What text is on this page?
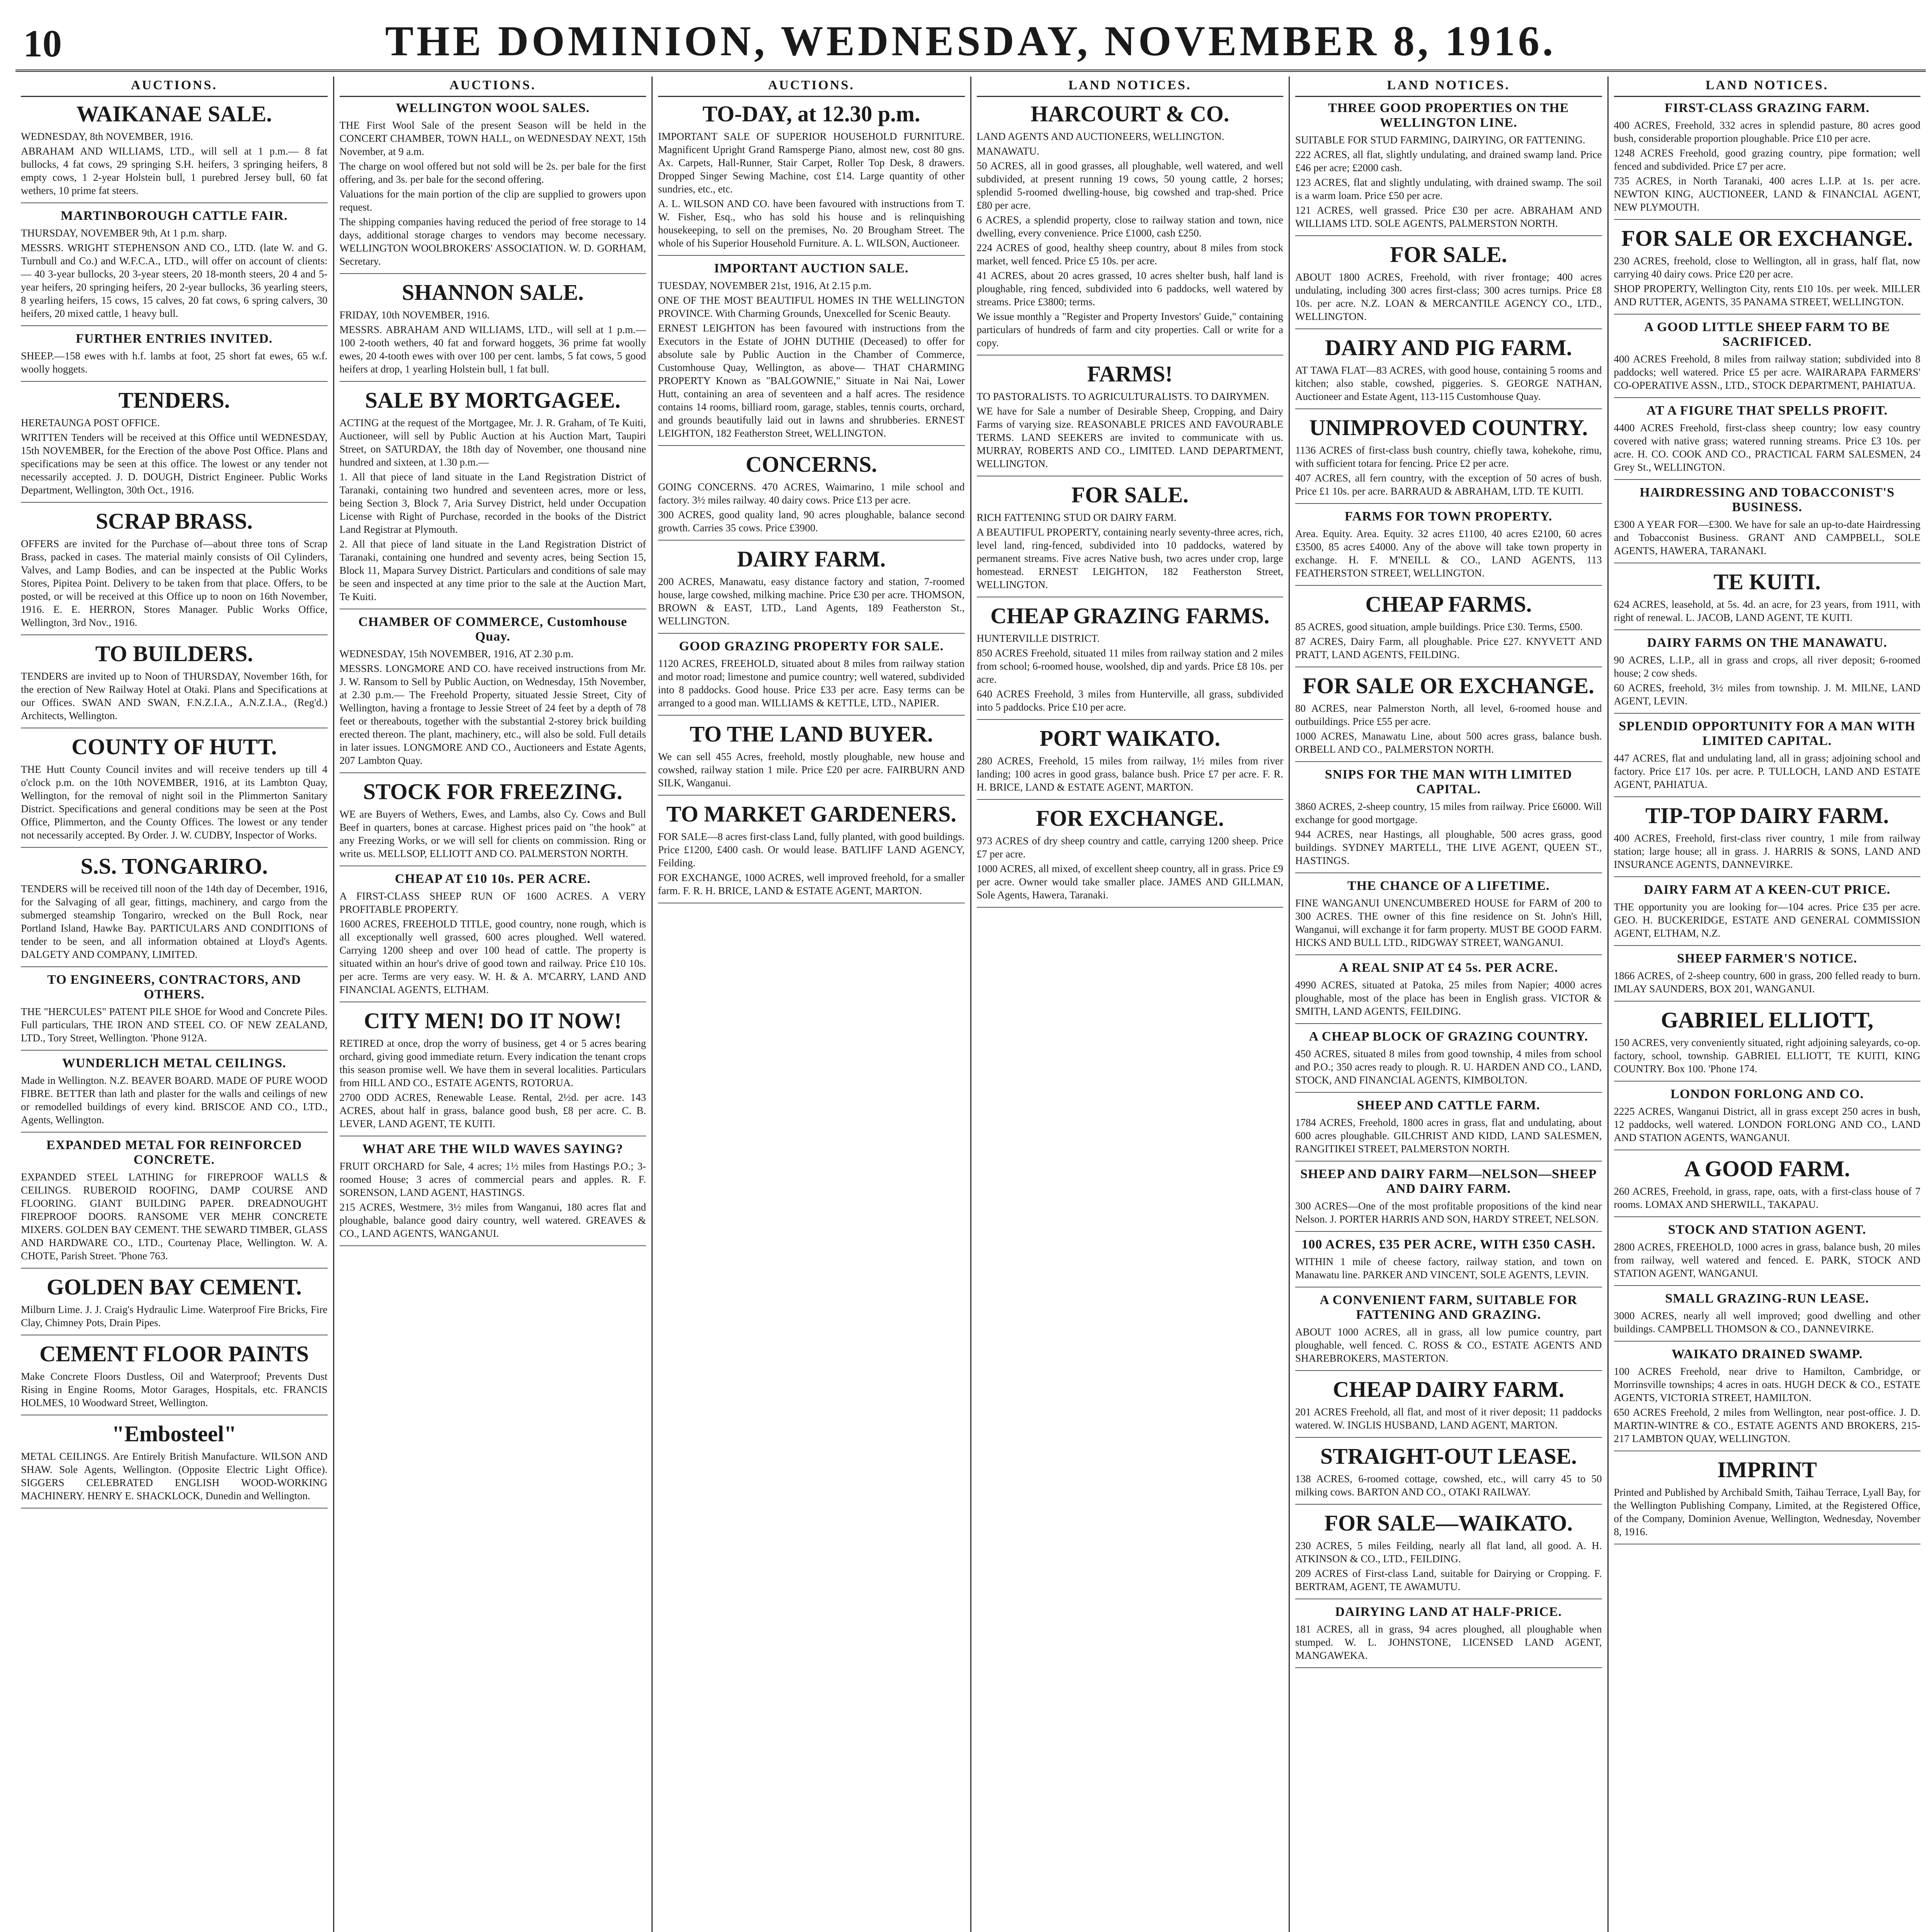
10	THE DOMINION, WEDNESDAY, NOVEMBER 8, 1916.
AUCTIONS.
WAIKANAE SALE.

WEDNESDAY, 8th NOVEMBER, 1916.

ABRAHAM AND WILLIAMS, LTD., will sell at 1 p.m.— 8 fat bullocks, 4 fat cows, 29 springing S.H. heifers, 3 springing heifers, 8 empty cows, 1 2-year Holstein bull, 1 purebred Jersey bull, 60 fat wethers, 10 prime fat steers.

MARTINBOROUGH CATTLE FAIR.

THURSDAY, NOVEMBER 9th, At 1 p.m. sharp.

MESSRS. WRIGHT STEPHENSON AND CO., LTD. (late W. and G. Turnbull and Co.) and W.F.C.A., LTD., will offer on account of clients:— 40 3-year bullocks, 20 3-year steers, 20 18-month steers, 20 4 and 5-year heifers, 20 springing heifers, 20 2-year bullocks, 36 yearling steers, 8 yearling heifers, 15 cows, 15 calves, 20 fat cows, 6 spring calvers, 30 heifers, 20 mixed cattle, 1 heavy bull.

FURTHER ENTRIES INVITED.

SHEEP.—158 ewes with h.f. lambs at foot, 25 short fat ewes, 65 w.f. woolly hoggets.

TENDERS.

HERETAUNGA POST OFFICE.

WRITTEN Tenders will be received at this Office until WEDNESDAY, 15th NOVEMBER, for the Erection of the above Post Office. Plans and specifications may be seen at this office. The lowest or any tender not necessarily accepted. J. D. DOUGH, District Engineer. Public Works Department, Wellington, 30th Oct., 1916.

SCRAP BRASS.

OFFERS are invited for the Purchase of—about three tons of Scrap Brass, packed in cases. The material mainly consists of Oil Cylinders, Valves, and Lamp Bodies, and can be inspected at the Public Works Stores, Pipitea Point. Delivery to be taken from that place. Offers, to be posted, or will be received at this Office up to noon on 16th November, 1916. E. E. HERRON, Stores Manager. Public Works Office, Wellington, 3rd Nov., 1916.

TO BUILDERS.

TENDERS are invited up to Noon of THURSDAY, November 16th, for the erection of New Railway Hotel at Otaki. Plans and Specifications at our Offices. SWAN AND SWAN, F.N.Z.I.A., A.N.Z.I.A., (Reg'd.) Architects, Wellington.

COUNTY OF HUTT.

THE Hutt County Council invites and will receive tenders up till 4 o'clock p.m. on the 10th NOVEMBER, 1916, at its Lambton Quay, Wellington, for the removal of night soil in the Plimmerton Sanitary District. Specifications and general conditions may be seen at the Post Office, Plimmerton, and the County Offices. The lowest or any tender not necessarily accepted. By Order. J. W. CUDBY, Inspector of Works.

S.S. TONGARIRO.

TENDERS will be received till noon of the 14th day of December, 1916, for the Salvaging of all gear, fittings, machinery, and cargo from the submerged steamship Tongariro, wrecked on the Bull Rock, near Portland Island, Hawke Bay. PARTICULARS AND CONDITIONS of tender to be seen, and all information obtained at Lloyd's Agents. DALGETY AND COMPANY, LIMITED.

TO ENGINEERS, CONTRACTORS, AND OTHERS.

THE "HERCULES" PATENT PILE SHOE for Wood and Concrete Piles. Full particulars, THE IRON AND STEEL CO. OF NEW ZEALAND, LTD., Tory Street, Wellington. 'Phone 912A.

WUNDERLICH METAL CEILINGS.

Made in Wellington. N.Z. BEAVER BOARD. MADE OF PURE WOOD FIBRE. BETTER than lath and plaster for the walls and ceilings of new or remodelled buildings of every kind. BRISCOE AND CO., LTD., Agents, Wellington.

EXPANDED METAL FOR REINFORCED CONCRETE.

EXPANDED STEEL LATHING for FIREPROOF WALLS & CEILINGS. RUBEROID ROOFING, DAMP COURSE AND FLOORING. GIANT BUILDING PAPER. DREADNOUGHT FIREPROOF DOORS. RANSOME VER MEHR CONCRETE MIXERS. GOLDEN BAY CEMENT. THE SEWARD TIMBER, GLASS AND HARDWARE CO., LTD., Courtenay Place, Wellington. W. A. CHOTE, Parish Street. 'Phone 763.

GOLDEN BAY CEMENT.

Milburn Lime. J. J. Craig's Hydraulic Lime. Waterproof Fire Bricks, Fire Clay, Chimney Pots, Drain Pipes.

CEMENT FLOOR PAINTS

Make Concrete Floors Dustless, Oil and Waterproof; Prevents Dust Rising in Engine Rooms, Motor Garages, Hospitals, etc. FRANCIS HOLMES, 10 Woodward Street, Wellington.

"Embosteel"

METAL CEILINGS. Are Entirely British Manufacture. WILSON AND SHAW. Sole Agents, Wellington. (Opposite Electric Light Office). SIGGERS CELEBRATED ENGLISH WOOD-WORKING MACHINERY. HENRY E. SHACKLOCK, Dunedin and Wellington.

AUCTIONS.
WELLINGTON WOOL SALES.

THE First Wool Sale of the present Season will be held in the CONCERT CHAMBER, TOWN HALL, on WEDNESDAY NEXT, 15th November, at 9 a.m.

The charge on wool offered but not sold will be 2s. per bale for the first offering, and 3s. per bale for the second offering.

Valuations for the main portion of the clip are supplied to growers upon request.

The shipping companies having reduced the period of free storage to 14 days, additional storage charges to vendors may become necessary. WELLINGTON WOOLBROKERS' ASSOCIATION. W. D. GORHAM, Secretary.

SHANNON SALE.

FRIDAY, 10th NOVEMBER, 1916.

MESSRS. ABRAHAM AND WILLIAMS, LTD., will sell at 1 p.m.— 100 2-tooth wethers, 40 fat and forward hoggets, 36 prime fat woolly ewes, 20 4-tooth ewes with over 100 per cent. lambs, 5 fat cows, 5 good heifers at drop, 1 yearling Holstein bull, 1 fat bull.

SALE BY MORTGAGEE.

ACTING at the request of the Mortgagee, Mr. J. R. Graham, of Te Kuiti, Auctioneer, will sell by Public Auction at his Auction Mart, Taupiri Street, on SATURDAY, the 18th day of November, one thousand nine hundred and sixteen, at 1.30 p.m.—

1. All that piece of land situate in the Land Registration District of Taranaki, containing two hundred and seventeen acres, more or less, being Section 3, Block 7, Aria Survey District, held under Occupation License with Right of Purchase, recorded in the books of the District Land Registrar at Plymouth.

2. All that piece of land situate in the Land Registration District of Taranaki, containing one hundred and seventy acres, being Section 15, Block 11, Mapara Survey District. Particulars and conditions of sale may be seen and inspected at any time prior to the sale at the Auction Mart, Te Kuiti.

CHAMBER OF COMMERCE, Customhouse Quay.

WEDNESDAY, 15th NOVEMBER, 1916, AT 2.30 p.m.

MESSRS. LONGMORE AND CO. have received instructions from Mr. J. W. Ransom to Sell by Public Auction, on Wednesday, 15th November, at 2.30 p.m.— The Freehold Property, situated Jessie Street, City of Wellington, having a frontage to Jessie Street of 24 feet by a depth of 78 feet or thereabouts, together with the substantial 2-storey brick building erected thereon. The plant, machinery, etc., will also be sold. Full details in later issues. LONGMORE AND CO., Auctioneers and Estate Agents, 207 Lambton Quay.

STOCK FOR FREEZING.

WE are Buyers of Wethers, Ewes, and Lambs, also Cy. Cows and Bull Beef in quarters, bones at carcase. Highest prices paid on "the hook" at any Freezing Works, or we will sell for clients on commission. Ring or write us. MELLSOP, ELLIOTT AND CO. PALMERSTON NORTH.

CHEAP AT £10 10s. PER ACRE.

A FIRST-CLASS SHEEP RUN OF 1600 ACRES. A VERY PROFITABLE PROPERTY.

1600 ACRES, FREEHOLD TITLE, good country, none rough, which is all exceptionally well grassed, 600 acres ploughed. Well watered. Carrying 1200 sheep and over 100 head of cattle. The property is situated within an hour's drive of good town and railway. Price £10 10s. per acre. Terms are very easy. W. H. & A. M'CARRY, LAND AND FINANCIAL AGENTS, ELTHAM.

CITY MEN! DO IT NOW!

RETIRED at once, drop the worry of business, get 4 or 5 acres bearing orchard, giving good immediate return. Every indication the tenant crops this season promise well. We have them in several localities. Particulars from HILL AND CO., ESTATE AGENTS, ROTORUA.

2700 ODD ACRES, Renewable Lease. Rental, 2½d. per acre. 143 ACRES, about half in grass, balance good bush, £8 per acre. C. B. LEVER, LAND AGENT, TE KUITI.

WHAT ARE THE WILD WAVES SAYING?

FRUIT ORCHARD for Sale, 4 acres; 1½ miles from Hastings P.O.; 3-roomed House; 3 acres of commercial pears and apples. R. F. SORENSON, LAND AGENT, HASTINGS.

215 ACRES, Westmere, 3½ miles from Wanganui, 180 acres flat and ploughable, balance good dairy country, well watered. GREAVES & CO., LAND AGENTS, WANGANUI.

AUCTIONS.
TO-DAY, at 12.30 p.m.

IMPORTANT SALE OF SUPERIOR HOUSEHOLD FURNITURE. Magnificent Upright Grand Ramsperge Piano, almost new, cost 80 gns. Ax. Carpets, Hall-Runner, Stair Carpet, Roller Top Desk, 8 drawers. Dropped Singer Sewing Machine, cost £14. Large quantity of other sundries, etc., etc.

A. L. WILSON AND CO. have been favoured with instructions from T. W. Fisher, Esq., who has sold his house and is relinquishing housekeeping, to sell on the premises, No. 20 Brougham Street. The whole of his Superior Household Furniture. A. L. WILSON, Auctioneer.

IMPORTANT AUCTION SALE.

TUESDAY, NOVEMBER 21st, 1916, At 2.15 p.m.

ONE OF THE MOST BEAUTIFUL HOMES IN THE WELLINGTON PROVINCE. With Charming Grounds, Unexcelled for Scenic Beauty.

ERNEST LEIGHTON has been favoured with instructions from the Executors in the Estate of JOHN DUTHIE (Deceased) to offer for absolute sale by Public Auction in the Chamber of Commerce, Customhouse Quay, Wellington, as above— THAT CHARMING PROPERTY Known as "BALGOWNIE," Situate in Nai Nai, Lower Hutt, containing an area of seventeen and a half acres. The residence contains 14 rooms, billiard room, garage, stables, tennis courts, orchard, and grounds beautifully laid out in lawns and shrubberies. ERNEST LEIGHTON, 182 Featherston Street, WELLINGTON.

CONCERNS.

GOING CONCERNS. 470 ACRES, Waimarino, 1 mile school and factory. 3½ miles railway. 40 dairy cows. Price £13 per acre.

300 ACRES, good quality land, 90 acres ploughable, balance second growth. Carries 35 cows. Price £3900.

DAIRY FARM.

200 ACRES, Manawatu, easy distance factory and station, 7-roomed house, large cowshed, milking machine. Price £30 per acre. THOMSON, BROWN & EAST, LTD., Land Agents, 189 Featherston St., WELLINGTON.

GOOD GRAZING PROPERTY FOR SALE.

1120 ACRES, FREEHOLD, situated about 8 miles from railway station and motor road; limestone and pumice country; well watered, subdivided into 8 paddocks. Good house. Price £33 per acre. Easy terms can be arranged to a good man. WILLIAMS & KETTLE, LTD., NAPIER.

TO THE LAND BUYER.

We can sell 455 Acres, freehold, mostly ploughable, new house and cowshed, railway station 1 mile. Price £20 per acre. FAIRBURN AND SILK, Wanganui.

TO MARKET GARDENERS.

FOR SALE—8 acres first-class Land, fully planted, with good buildings. Price £1200, £400 cash. Or would lease. BATLIFF LAND AGENCY, Feilding.

FOR EXCHANGE, 1000 ACRES, well improved freehold, for a smaller farm. F. R. H. BRICE, LAND & ESTATE AGENT, MARTON.

LAND NOTICES.
HARCOURT & CO.

LAND AGENTS AND AUCTIONEERS, WELLINGTON.

MANAWATU.

50 ACRES, all in good grasses, all ploughable, well watered, and well subdivided, at present running 19 cows, 50 young cattle, 2 horses; splendid 5-roomed dwelling-house, big cowshed and trap-shed. Price £80 per acre.

6 ACRES, a splendid property, close to railway station and town, nice dwelling, every convenience. Price £1000, cash £250.

224 ACRES of good, healthy sheep country, about 8 miles from stock market, well fenced. Price £5 10s. per acre.

41 ACRES, about 20 acres grassed, 10 acres shelter bush, half land is ploughable, ring fenced, subdivided into 6 paddocks, well watered by streams. Price £3800; terms.

We issue monthly a "Register and Property Investors' Guide," containing particulars of hundreds of farm and city properties. Call or write for a copy.

FARMS!

TO PASTORALISTS. TO AGRICULTURALISTS. TO DAIRYMEN.

WE have for Sale a number of Desirable Sheep, Cropping, and Dairy Farms of varying size. REASONABLE PRICES AND FAVOURABLE TERMS. LAND SEEKERS are invited to communicate with us. MURRAY, ROBERTS AND CO., LIMITED. LAND DEPARTMENT, WELLINGTON.

FOR SALE.

RICH FATTENING STUD OR DAIRY FARM.

A BEAUTIFUL PROPERTY, containing nearly seventy-three acres, rich, level land, ring-fenced, subdivided into 10 paddocks, watered by permanent streams. Five acres Native bush, two acres under crop, large homestead. ERNEST LEIGHTON, 182 Featherston Street, WELLINGTON.

CHEAP GRAZING FARMS.

HUNTERVILLE DISTRICT.

850 ACRES Freehold, situated 11 miles from railway station and 2 miles from school; 6-roomed house, woolshed, dip and yards. Price £8 10s. per acre.

640 ACRES Freehold, 3 miles from Hunterville, all grass, subdivided into 5 paddocks. Price £10 per acre.

PORT WAIKATO.

280 ACRES, Freehold, 15 miles from railway, 1½ miles from river landing; 100 acres in good grass, balance bush. Price £7 per acre. F. R. H. BRICE, LAND & ESTATE AGENT, MARTON.

FOR EXCHANGE.

973 ACRES of dry sheep country and cattle, carrying 1200 sheep. Price £7 per acre.

1000 ACRES, all mixed, of excellent sheep country, all in grass. Price £9 per acre. Owner would take smaller place. JAMES AND GILLMAN, Sole Agents, Hawera, Taranaki.

LAND NOTICES.
THREE GOOD PROPERTIES ON THE WELLINGTON LINE.

SUITABLE FOR STUD FARMING, DAIRYING, OR FATTENING.

222 ACRES, all flat, slightly undulating, and drained swamp land. Price £46 per acre; £2000 cash.

123 ACRES, flat and slightly undulating, with drained swamp. The soil is a warm loam. Price £50 per acre.

121 ACRES, well grassed. Price £30 per acre. ABRAHAM AND WILLIAMS LTD. SOLE AGENTS, PALMERSTON NORTH.

FOR SALE.

ABOUT 1800 ACRES, Freehold, with river frontage; 400 acres undulating, including 300 acres first-class; 300 acres turnips. Price £8 10s. per acre. N.Z. LOAN & MERCANTILE AGENCY CO., LTD., WELLINGTON.

DAIRY AND PIG FARM.

AT TAWA FLAT—83 ACRES, with good house, containing 5 rooms and kitchen; also stable, cowshed, piggeries. S. GEORGE NATHAN, Auctioneer and Estate Agent, 113-115 Customhouse Quay.

UNIMPROVED COUNTRY.

1136 ACRES of first-class bush country, chiefly tawa, kohekohe, rimu, with sufficient totara for fencing. Price £2 per acre.

407 ACRES, all fern country, with the exception of 50 acres of bush. Price £1 10s. per acre. BARRAUD & ABRAHAM, LTD. TE KUITI.

FARMS FOR TOWN PROPERTY.

Area. Equity. Area. Equity. 32 acres £1100, 40 acres £2100, 60 acres £3500, 85 acres £4000. Any of the above will take town property in exchange. H. F. M'NEILL & CO., LAND AGENTS, 113 FEATHERSTON STREET, WELLINGTON.

CHEAP FARMS.

85 ACRES, good situation, ample buildings. Price £30. Terms, £500.

87 ACRES, Dairy Farm, all ploughable. Price £27. KNYVETT AND PRATT, LAND AGENTS, FEILDING.

FOR SALE OR EXCHANGE.

80 ACRES, near Palmerston North, all level, 6-roomed house and outbuildings. Price £55 per acre.

1000 ACRES, Manawatu Line, about 500 acres grass, balance bush. ORBELL AND CO., PALMERSTON NORTH.

SNIPS FOR THE MAN WITH LIMITED CAPITAL.

3860 ACRES, 2-sheep country, 15 miles from railway. Price £6000. Will exchange for good mortgage.

944 ACRES, near Hastings, all ploughable, 500 acres grass, good buildings. SYDNEY MARTELL, THE LIVE AGENT, QUEEN ST., HASTINGS.

THE CHANCE OF A LIFETIME.

FINE WANGANUI UNENCUMBERED HOUSE for FARM of 200 to 300 ACRES. THE owner of this fine residence on St. John's Hill, Wanganui, will exchange it for farm property. MUST BE GOOD FARM. HICKS AND BULL LTD., RIDGWAY STREET, WANGANUI.

A REAL SNIP AT £4 5s. PER ACRE.

4990 ACRES, situated at Patoka, 25 miles from Napier; 4000 acres ploughable, most of the place has been in English grass. VICTOR & SMITH, LAND AGENTS, FEILDING.

A CHEAP BLOCK OF GRAZING COUNTRY.

450 ACRES, situated 8 miles from good township, 4 miles from school and P.O.; 350 acres ready to plough. R. U. HARDEN AND CO., LAND, STOCK, AND FINANCIAL AGENTS, KIMBOLTON.

SHEEP AND CATTLE FARM.

1784 ACRES, Freehold, 1800 acres in grass, flat and undulating, about 600 acres ploughable. GILCHRIST AND KIDD, LAND SALESMEN, RANGITIKEI STREET, PALMERSTON NORTH.

SHEEP AND DAIRY FARM—NELSON—SHEEP AND DAIRY FARM.

300 ACRES—One of the most profitable propositions of the kind near Nelson. J. PORTER HARRIS AND SON, HARDY STREET, NELSON.

100 ACRES, £35 PER ACRE, WITH £350 CASH.

WITHIN 1 mile of cheese factory, railway station, and town on Manawatu line. PARKER AND VINCENT, SOLE AGENTS, LEVIN.

A CONVENIENT FARM, SUITABLE FOR FATTENING AND GRAZING.

ABOUT 1000 ACRES, all in grass, all low pumice country, part ploughable, well fenced. C. ROSS & CO., ESTATE AGENTS AND SHAREBROKERS, MASTERTON.

CHEAP DAIRY FARM.

201 ACRES Freehold, all flat, and most of it river deposit; 11 paddocks watered. W. INGLIS HUSBAND, LAND AGENT, MARTON.

STRAIGHT-OUT LEASE.

138 ACRES, 6-roomed cottage, cowshed, etc., will carry 45 to 50 milking cows. BARTON AND CO., OTAKI RAILWAY.

FOR SALE—WAIKATO.

230 ACRES, 5 miles Feilding, nearly all flat land, all good. A. H. ATKINSON & CO., LTD., FEILDING.

209 ACRES of First-class Land, suitable for Dairying or Cropping. F. BERTRAM, AGENT, TE AWAMUTU.

DAIRYING LAND AT HALF-PRICE.

181 ACRES, all in grass, 94 acres ploughed, all ploughable when stumped. W. L. JOHNSTONE, LICENSED LAND AGENT, MANGAWEKA.

LAND NOTICES.
FIRST-CLASS GRAZING FARM.

400 ACRES, Freehold, 332 acres in splendid pasture, 80 acres good bush, considerable proportion ploughable. Price £10 per acre.

1248 ACRES Freehold, good grazing country, pipe formation; well fenced and subdivided. Price £7 per acre.

735 ACRES, in North Taranaki, 400 acres L.I.P. at 1s. per acre. NEWTON KING, AUCTIONEER, LAND & FINANCIAL AGENT, NEW PLYMOUTH.

FOR SALE OR EXCHANGE.

230 ACRES, freehold, close to Wellington, all in grass, half flat, now carrying 40 dairy cows. Price £20 per acre.

SHOP PROPERTY, Wellington City, rents £10 10s. per week. MILLER AND RUTTER, AGENTS, 35 PANAMA STREET, WELLINGTON.

A GOOD LITTLE SHEEP FARM TO BE SACRIFICED.

400 ACRES Freehold, 8 miles from railway station; subdivided into 8 paddocks; well watered. Price £5 per acre. WAIRARAPA FARMERS' CO-OPERATIVE ASSN., LTD., STOCK DEPARTMENT, PAHIATUA.

AT A FIGURE THAT SPELLS PROFIT.

4400 ACRES Freehold, first-class sheep country; low easy country covered with native grass; watered running streams. Price £3 10s. per acre. H. CO. COOK AND CO., PRACTICAL FARM SALESMEN, 24 Grey St., WELLINGTON.

HAIRDRESSING AND TOBACCONIST'S BUSINESS.

£300 A YEAR FOR—£300. We have for sale an up-to-date Hairdressing and Tobacconist Business. GRANT AND CAMPBELL, SOLE AGENTS, HAWERA, TARANAKI.

TE KUITI.

624 ACRES, leasehold, at 5s. 4d. an acre, for 23 years, from 1911, with right of renewal. L. JACOB, LAND AGENT, TE KUITI.

DAIRY FARMS ON THE MANAWATU.

90 ACRES, L.I.P., all in grass and crops, all river deposit; 6-roomed house; 2 cow sheds.

60 ACRES, freehold, 3½ miles from township. J. M. MILNE, LAND AGENT, LEVIN.

SPLENDID OPPORTUNITY FOR A MAN WITH LIMITED CAPITAL.

447 ACRES, flat and undulating land, all in grass; adjoining school and factory. Price £17 10s. per acre. P. TULLOCH, LAND AND ESTATE AGENT, PAHIATUA.

TIP-TOP DAIRY FARM.

400 ACRES, Freehold, first-class river country, 1 mile from railway station; large house; all in grass. J. HARRIS & SONS, LAND AND INSURANCE AGENTS, DANNEVIRKE.

DAIRY FARM AT A KEEN-CUT PRICE.

THE opportunity you are looking for—104 acres. Price £35 per acre. GEO. H. BUCKERIDGE, ESTATE AND GENERAL COMMISSION AGENT, ELTHAM, N.Z.

SHEEP FARMER'S NOTICE.

1866 ACRES, of 2-sheep country, 600 in grass, 200 felled ready to burn. IMLAY SAUNDERS, BOX 201, WANGANUI.

GABRIEL ELLIOTT,

150 ACRES, very conveniently situated, right adjoining saleyards, co-op. factory, school, township. GABRIEL ELLIOTT, TE KUITI, KING COUNTRY. Box 100. 'Phone 174.

LONDON FORLONG AND CO.

2225 ACRES, Wanganui District, all in grass except 250 acres in bush, 12 paddocks, well watered. LONDON FORLONG AND CO., LAND AND STATION AGENTS, WANGANUI.

A GOOD FARM.

260 ACRES, Freehold, in grass, rape, oats, with a first-class house of 7 rooms. LOMAX AND SHERWILL, TAKAPAU.

STOCK AND STATION AGENT.

2800 ACRES, FREEHOLD, 1000 acres in grass, balance bush, 20 miles from railway, well watered and fenced. E. PARK, STOCK AND STATION AGENT, WANGANUI.

SMALL GRAZING-RUN LEASE.

3000 ACRES, nearly all well improved; good dwelling and other buildings. CAMPBELL THOMSON & CO., DANNEVIRKE.

WAIKATO DRAINED SWAMP.

100 ACRES Freehold, near drive to Hamilton, Cambridge, or Morrinsville townships; 4 acres in oats. HUGH DECK & CO., ESTATE AGENTS, VICTORIA STREET, HAMILTON.

650 ACRES Freehold, 2 miles from Wellington, near post-office. J. D. MARTIN-WINTRE & CO., ESTATE AGENTS AND BROKERS, 215-217 LAMBTON QUAY, WELLINGTON.

IMPRINT

Printed and Published by Archibald Smith, Taihau Terrace, Lyall Bay, for the Wellington Publishing Company, Limited, at the Registered Office, of the Company, Dominion Avenue, Wellington, Wednesday, November 8, 1916.
